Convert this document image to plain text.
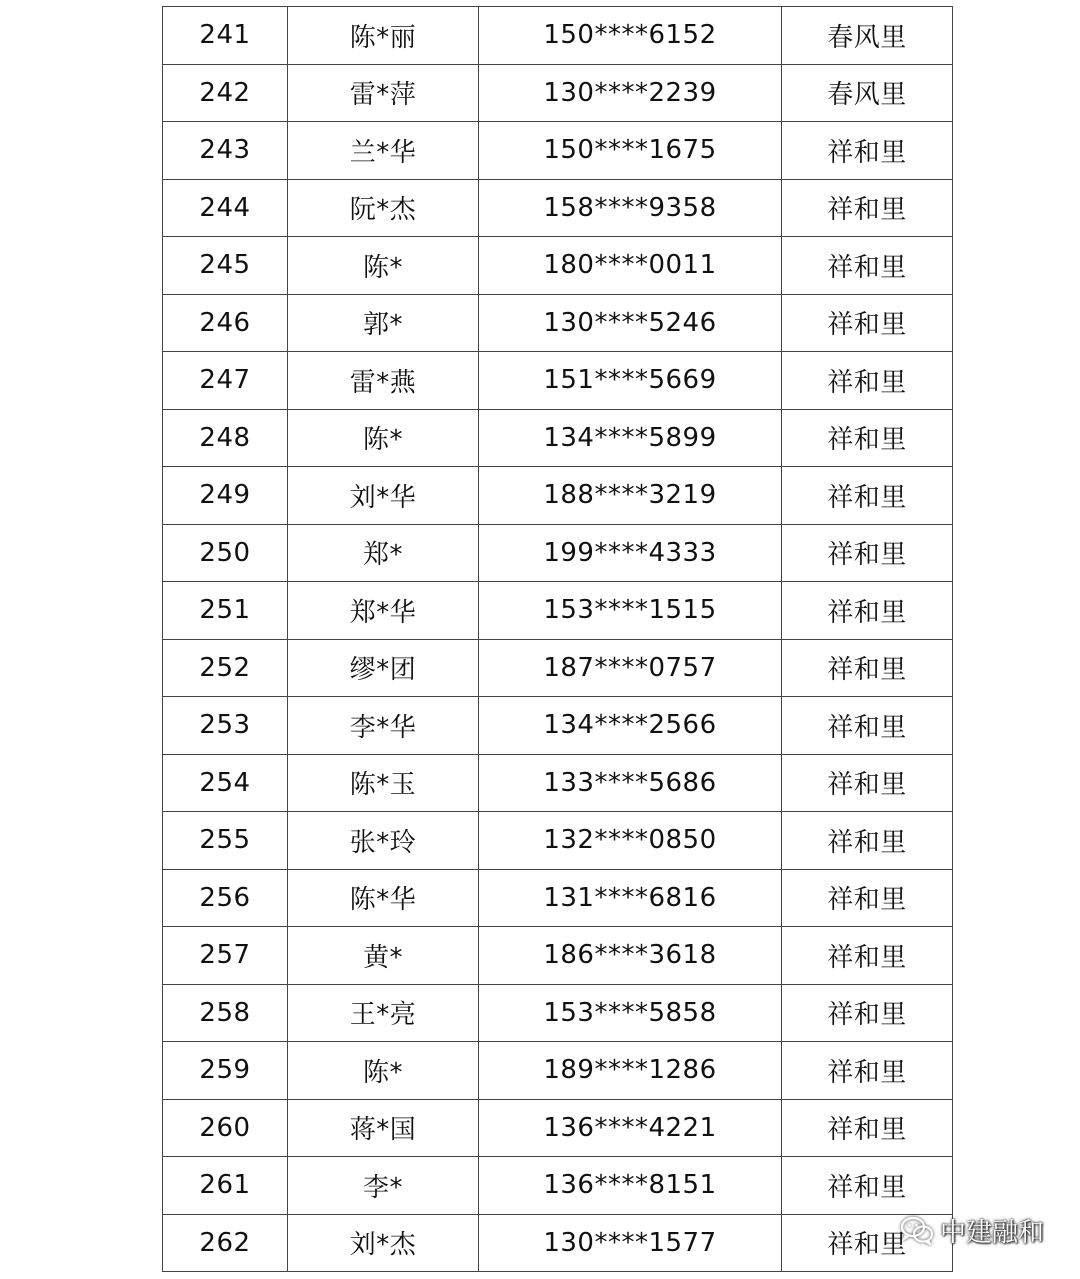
241	陈*丽	150****6152	春风里
242	雷*萍	130****2239	春风里
243	兰*华	150****1675	祥和里
244	阮*杰	158****9358	祥和里
245	陈*	180****0011	祥和里
246	郭*	130****5246	祥和里
247	雷*燕	151****5669	祥和里
248	陈*	134****5899	祥和里
249	刘*华	188****3219	祥和里
250	郑*	199****4333	祥和里
251	郑*华	153****1515	祥和里
252	缪*团	187****0757	祥和里
253	李*华	134****2566	祥和里
254	陈*玉	133****5686	祥和里
255	张*玲	132****0850	祥和里
256	陈*华	131****6816	祥和里
257	黄*	186****3618	祥和里
258	王*亮	153****5858	祥和里
259	陈*	189****1286	祥和里
260	蒋*国	136****4221	祥和里
261	李*	136****8151	祥和里
262	刘*杰	130****1577	祥和里 中建融和
